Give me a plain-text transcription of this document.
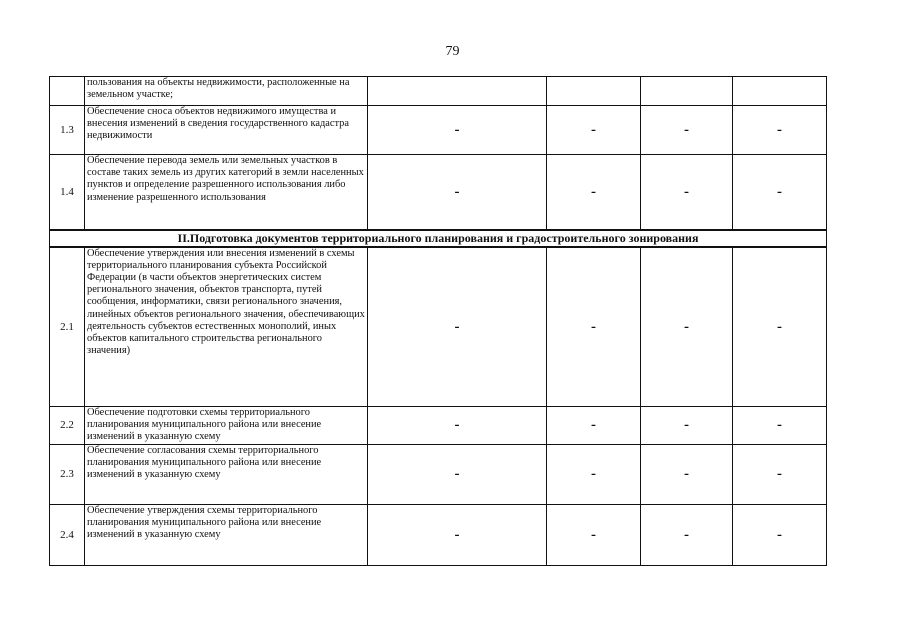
79
	пользования на объекты недвижимости, расположенные на земельном участке;				
1.3	Обеспечение сноса объектов недвижимого имущества и внесения изменений в сведения государственного кадастра недвижимости	-	-	-	-
1.4	Обеспечение перевода земель или земельных участков в составе таких земель из других категорий в земли населенных пунктов и определение разрешенного использования либо изменение разрешенного использования	-	-	-	-
II.Подготовка документов территориального планирования и градостроительного зонирования					
2.1	Обеспечение утверждения или внесения изменений в схемы территориального планирования субъекта Российской Федерации (в части объектов энергетических систем регионального значения, объектов транспорта, путей сообщения, информатики, связи регионального значения, линейных объектов регионального значения, обеспечивающих деятельность субъектов естественных монополий, иных объектов капитального строительства регионального значения)	-	-	-	-
2.2	Обеспечение подготовки схемы территориального планирования муниципального района или внесение изменений в указанную схему	-	-	-	-
2.3	Обеспечение согласования схемы территориального планирования муниципального района или внесение изменений в указанную схему	-	-	-	-
2.4	Обеспечение утверждения схемы территориального планирования муниципального района или внесение изменений в указанную схему	-	-	-	-
